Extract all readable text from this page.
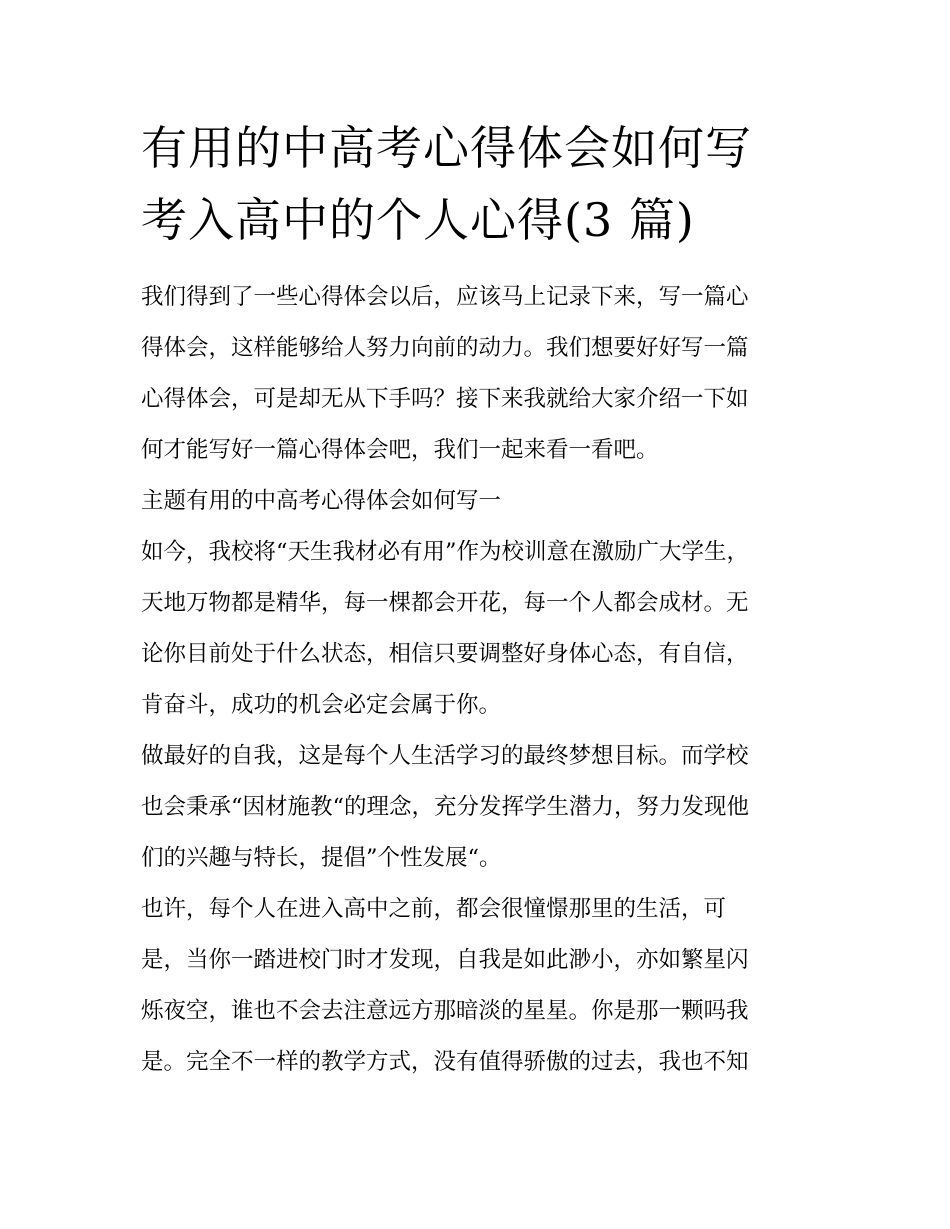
有用的中高考心得体会如何写
考入高中的个人心得(3 篇)

我们得到了一些心得体会以后，应该马上记录下来，写一篇心
得体会，这样能够给人努力向前的动力。我们想要好好写一篇
心得体会，可是却无从下手吗？接下来我就给大家介绍一下如
何才能写好一篇心得体会吧，我们一起来看一看吧。

主题有用的中高考心得体会如何写一

如今，我校将“天生我材必有用”作为校训意在激励广大学生，
天地万物都是精华，每一棵都会开花，每一个人都会成材。无
论你目前处于什么状态，相信只要调整好身体心态，有自信，
肯奋斗，成功的机会必定会属于你。

做最好的自我，这是每个人生活学习的最终梦想目标。而学校
也会秉承“因材施教“的理念，充分发挥学生潜力，努力发现他
们的兴趣与特长，提倡”个性发展“。

也许，每个人在进入高中之前，都会很憧憬那里的生活，可
是，当你一踏进校门时才发现，自我是如此渺小，亦如繁星闪
烁夜空，谁也不会去注意远方那暗淡的星星。你是那一颗吗我
是。完全不一样的教学方式，没有值得骄傲的过去，我也不知
